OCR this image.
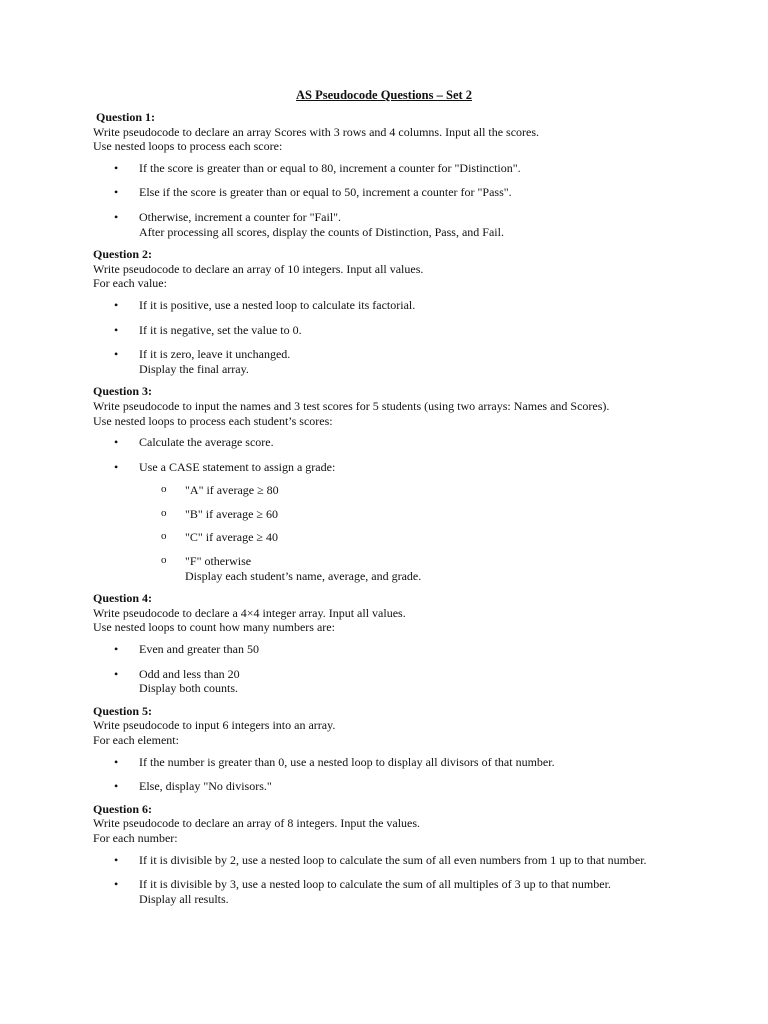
AS Pseudocode Questions – Set 2
Question 1:
Write pseudocode to declare an array Scores with 3 rows and 4 columns. Input all the scores.
Use nested loops to process each score:
• If the score is greater than or equal to 80, increment a counter for "Distinction".
• Else if the score is greater than or equal to 50, increment a counter for "Pass".
• Otherwise, increment a counter for "Fail".
After processing all scores, display the counts of Distinction, Pass, and Fail.
Question 2:
Write pseudocode to declare an array of 10 integers. Input all values.
For each value:
• If it is positive, use a nested loop to calculate its factorial.
• If it is negative, set the value to 0.
• If it is zero, leave it unchanged.
Display the final array.
Question 3:
Write pseudocode to input the names and 3 test scores for 5 students (using two arrays: Names and Scores).
Use nested loops to process each student’s scores:
• Calculate the average score.
• Use a CASE statement to assign a grade:
o "A" if average ≥ 80
o "B" if average ≥ 60
o "C" if average ≥ 40
o "F" otherwise
Display each student’s name, average, and grade.
Question 4:
Write pseudocode to declare a 4×4 integer array. Input all values.
Use nested loops to count how many numbers are:
• Even and greater than 50
• Odd and less than 20
Display both counts.
Question 5:
Write pseudocode to input 6 integers into an array.
For each element:
• If the number is greater than 0, use a nested loop to display all divisors of that number.
• Else, display "No divisors."
Question 6:
Write pseudocode to declare an array of 8 integers. Input the values.
For each number:
• If it is divisible by 2, use a nested loop to calculate the sum of all even numbers from 1 up to that number.
• If it is divisible by 3, use a nested loop to calculate the sum of all multiples of 3 up to that number.
Display all results.
